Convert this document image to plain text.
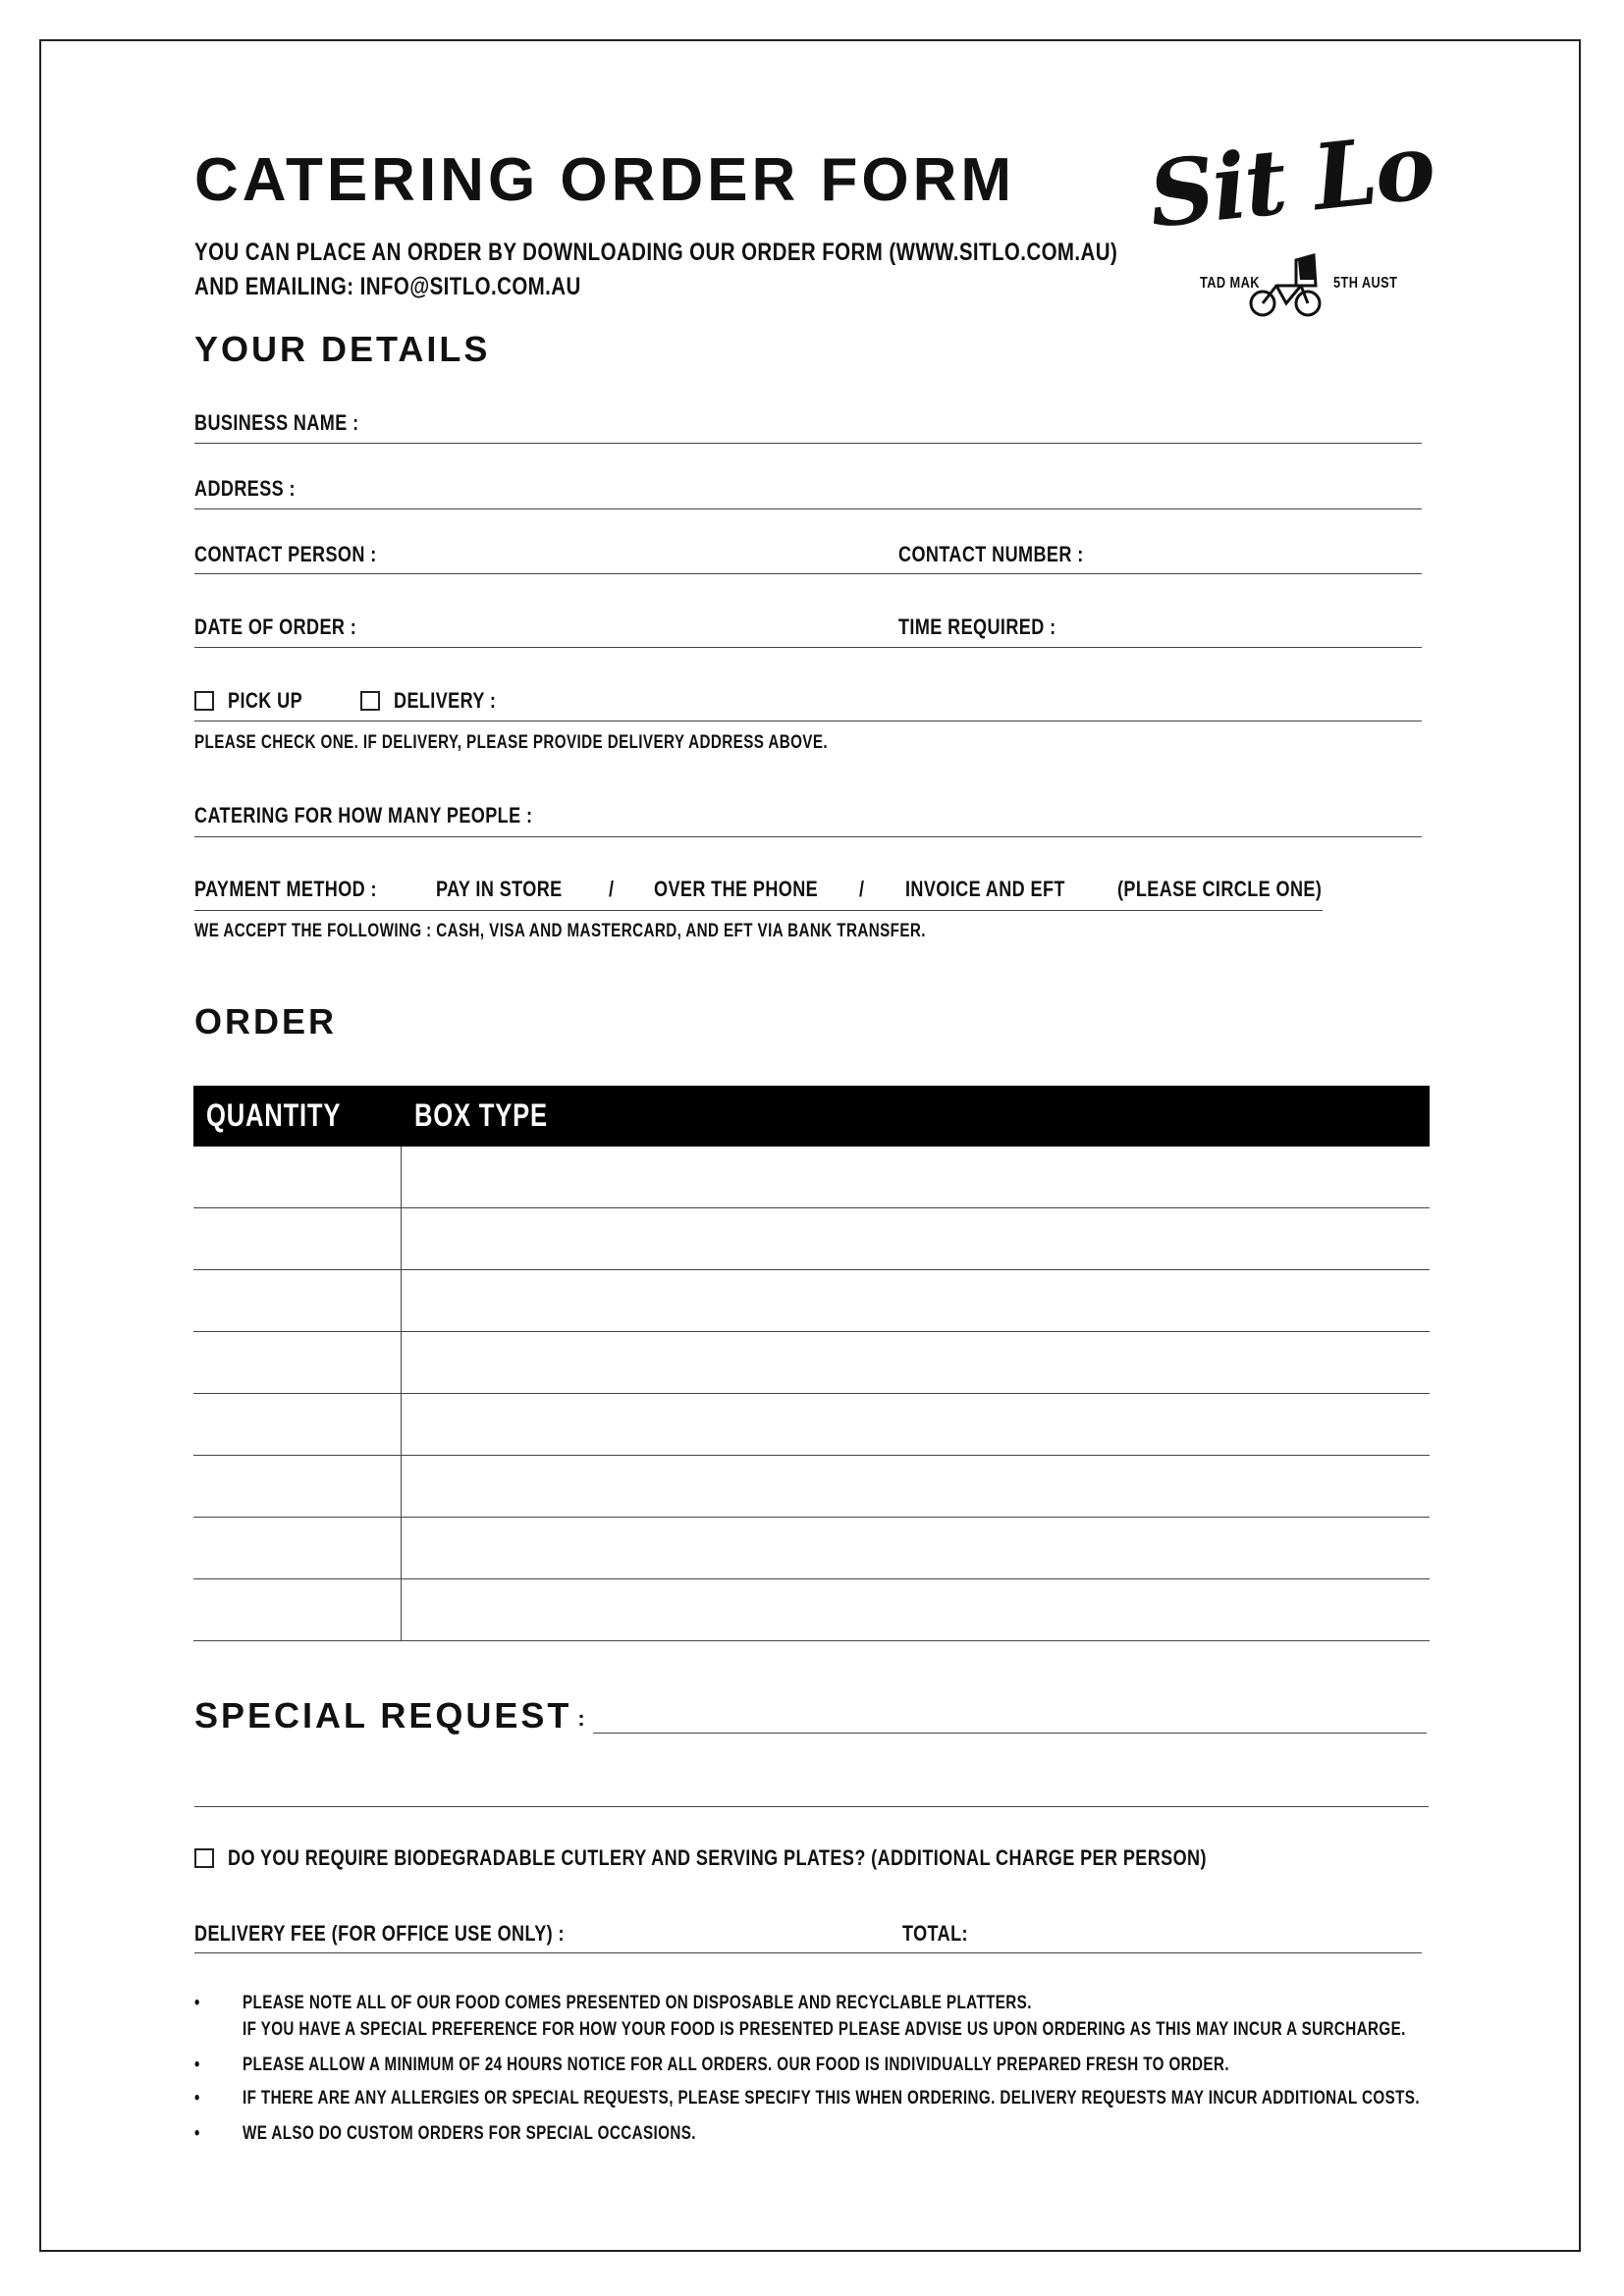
CATERING ORDER FORM
YOU CAN PLACE AN ORDER BY DOWNLOADING OUR ORDER FORM (WWW.SITLO.COM.AU)
AND EMAILING: INFO@SITLO.COM.AU
Sit Lo
TAD MAK	5TH AUST
YOUR DETAILS
BUSINESS NAME :
ADDRESS :
CONTACT PERSON :	CONTACT NUMBER :
DATE OF ORDER :	TIME REQUIRED :
PICK UP	DELIVERY :
PLEASE CHECK ONE. IF DELIVERY, PLEASE PROVIDE DELIVERY ADDRESS ABOVE.
CATERING FOR HOW MANY PEOPLE :
PAYMENT METHOD :	PAY IN STORE / OVER THE PHONE / INVOICE AND EFT (PLEASE CIRCLE ONE)
WE ACCEPT THE FOLLOWING : CASH, VISA AND MASTERCARD, AND EFT VIA BANK TRANSFER.
ORDER
QUANTITY BOX TYPE
SPECIAL REQUEST :
DO YOU REQUIRE BIODEGRADABLE CUTLERY AND SERVING PLATES? (ADDITIONAL CHARGE PER PERSON)
DELIVERY FEE (FOR OFFICE USE ONLY) :	TOTAL:
• PLEASE NOTE ALL OF OUR FOOD COMES PRESENTED ON DISPOSABLE AND RECYCLABLE PLATTERS.
IF YOU HAVE A SPECIAL PREFERENCE FOR HOW YOUR FOOD IS PRESENTED PLEASE ADVISE US UPON ORDERING AS THIS MAY INCUR A SURCHARGE.
• PLEASE ALLOW A MINIMUM OF 24 HOURS NOTICE FOR ALL ORDERS. OUR FOOD IS INDIVIDUALLY PREPARED FRESH TO ORDER.
• IF THERE ARE ANY ALLERGIES OR SPECIAL REQUESTS, PLEASE SPECIFY THIS WHEN ORDERING. DELIVERY REQUESTS MAY INCUR ADDITIONAL COSTS.
• WE ALSO DO CUSTOM ORDERS FOR SPECIAL OCCASIONS.
